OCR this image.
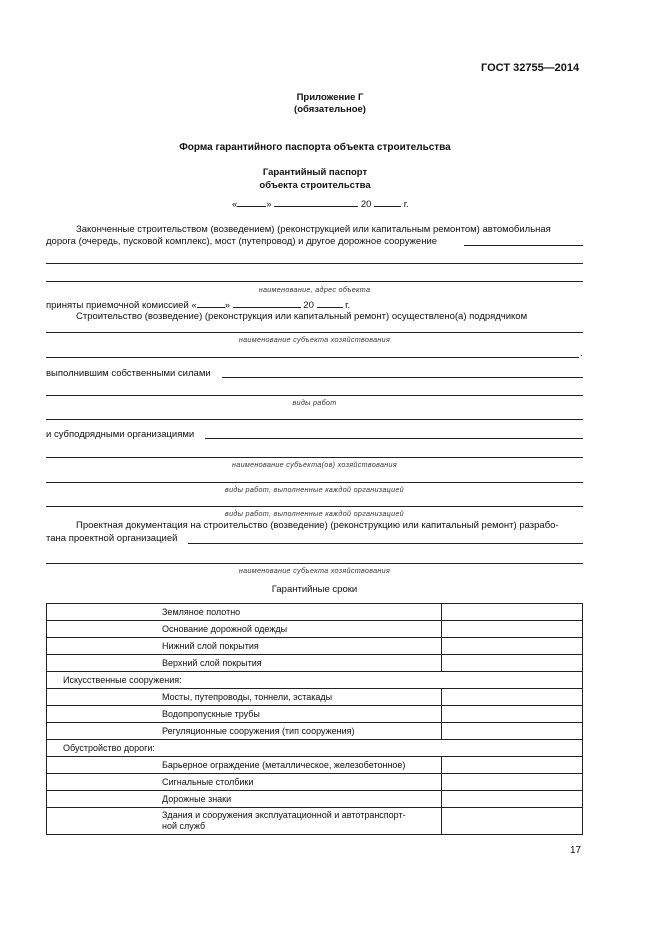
ГОСТ 32755—2014
Приложение Г
(обязательное)
Форма гарантийного паспорта объекта строительства
Гарантийный паспорт
объекта строительства
«	»	20	г.
Законченные строительством (возведением) (реконструкцией или капитальным ремонтом) автомобильная
дорога (очередь, пусковой комплекс), мост (путепровод) и другое дорожное сооружение
наименование, адрес объекта
приняты приемочной комиссией «	»	20	г.
Строительство (возведение) (реконструкция или капитальный ремонт) осуществлено(а) подрядчиком
наименование субъекта хозяйствования
.
выполнившим собственными силами
виды работ
и субподрядными организациями
наименование субъекта(ов) хозяйствования
виды работ, выполненные каждой организацией
виды работ, выполненные каждой организацией
Проектная документация на строительство (возведение) (реконструкцию или капитальный ремонт) разрабо-
тана проектной организацией
наименование субъекта хозяйствования
Гарантийные сроки
Земляное полотно	
Основание дорожной одежды	
Нижний слой покрытия	
Верхний слой покрытия	
Искусственные сооружения:	
Мосты, путепроводы, тоннели, эстакады	
Водопропускные трубы	
Регуляционные сооружения (тип сооружения)	
Обустройство дороги:	
Барьерное ограждение (металлическое, железобетонное)	
Сигнальные столбики	
Дорожные знаки	

Здания и сооружения эксплуатационной и автотранспорт-
ной служб	

17
